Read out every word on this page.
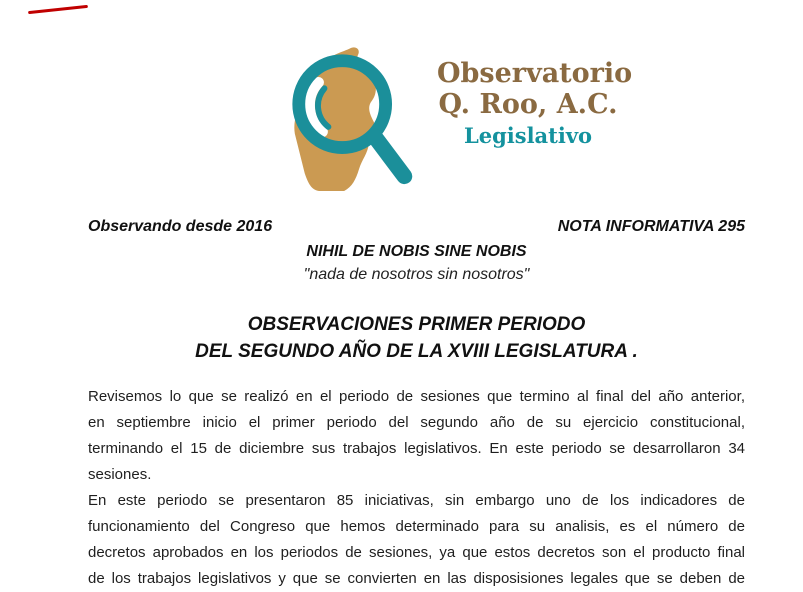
Observatorio
Q. Roo, A.C.
Legislativo
Observando desde 2016	NOTA INFORMATIVA 295
NIHIL DE NOBIS SINE NOBIS
"nada de nosotros sin nosotros"
OBSERVACIONES PRIMER PERIODO
DEL SEGUNDO AÑO DE LA XVIII LEGISLATURA .
Revisemos lo que se realizó en el periodo de sesiones que termino al final del año anterior,
en septiembre inicio el primer periodo del segundo año de su ejercicio constitucional,
terminando el 15 de diciembre sus trabajos legislativos. En este periodo se desarrollaron 34
sesiones.
En este periodo se presentaron 85 iniciativas, sin embargo uno de los indicadores de
funcionamiento del Congreso que hemos determinado para su analisis, es el número de
decretos aprobados en los periodos de sesiones, ya que estos decretos son el producto final
de los trabajos legislativos y que se convierten en las disposisiones legales que se deben de
